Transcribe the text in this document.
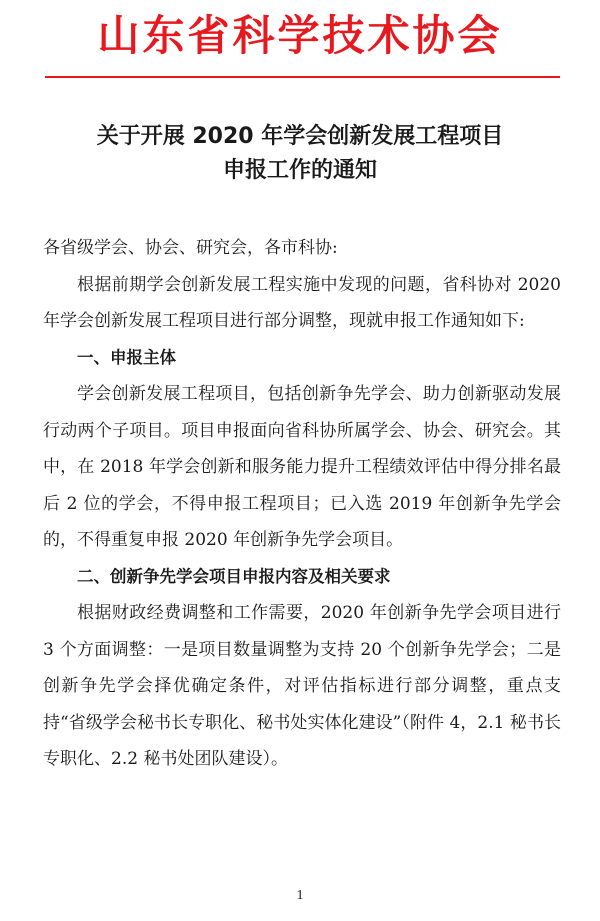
山东省科学技术协会
关于开展 2020 年学会创新发展工程项目
申报工作的通知

各省级学会、协会、研究会，各市科协:

根据前期学会创新发展工程实施中发现的问题，省科协对 2020 年学会创新发展工程项目进行部分调整，现就申报工作通知如下:

一、申报主体

学会创新发展工程项目，包括创新争先学会、助力创新驱动发展行动两个子项目。项目申报面向省科协所属学会、协会、研究会。其中，在 2018 年学会创新和服务能力提升工程绩效评估中得分排名最后 2 位的学会，不得申报工程项目；已入选 2019 年创新争先学会的，不得重复申报 2020 年创新争先学会项目。

二、创新争先学会项目申报内容及相关要求

根据财政经费调整和工作需要，2020 年创新争先学会项目进行 3 个方面调整：一是项目数量调整为支持 20 个创新争先学会；二是创新争先学会择优确定条件，对评估指标进行部分调整，重点支持“省级学会秘书长专职化、秘书处实体化建设”（附件 4，2.1 秘书长专职化、2.2 秘书处团队建设）。

1
